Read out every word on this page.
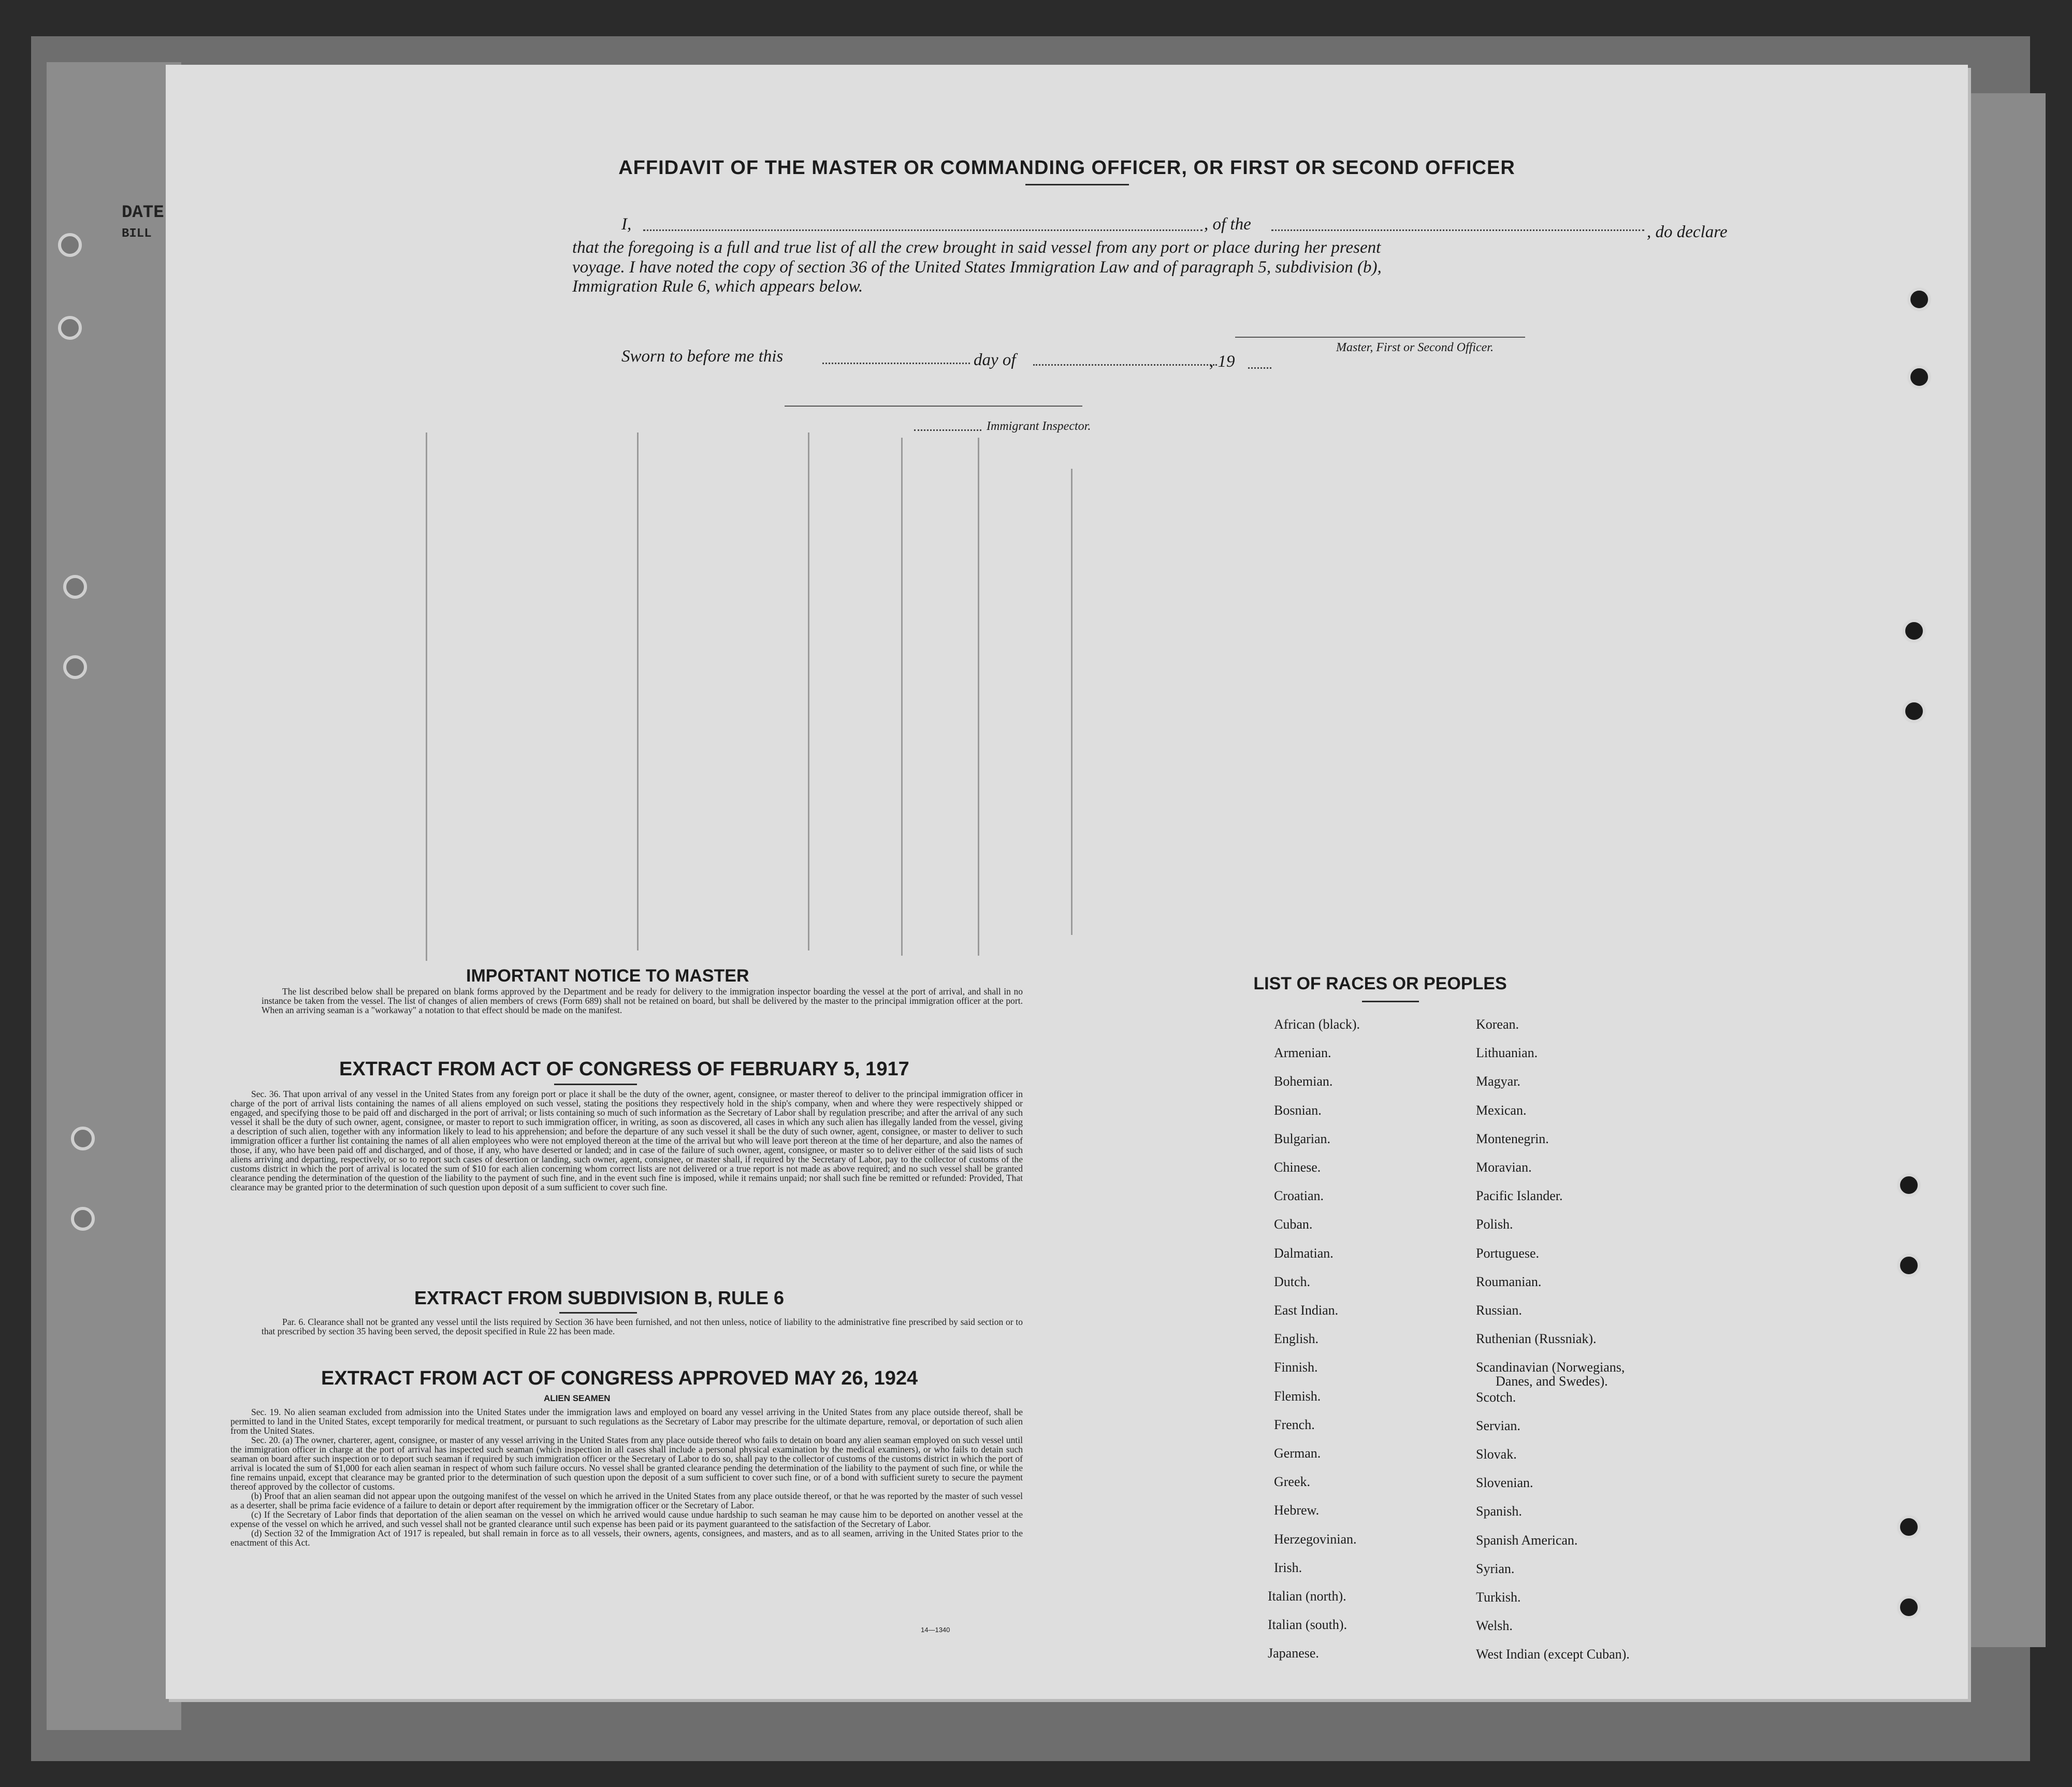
DATE
BILL
AFFIDAVIT OF THE MASTER OR COMMANDING OFFICER, OR FIRST OR SECOND OFFICER
I,	, of the	, do declare
that the foregoing is a full and true list of all the crew brought in said vessel from any port or place during her present
voyage. I have noted the copy of section 36 of the United States Immigration Law and of paragraph 5, subdivision (b),
Immigration Rule 6, which appears below.
Master, First or Second Officer.
Sworn to before me this	day of	, 19
Immigrant Inspector.
IMPORTANT NOTICE TO MASTER

The list described below shall be prepared on blank forms approved by the Department and be ready for delivery to the immigration inspector boarding the vessel at the port of arrival, and shall in no instance be taken from the vessel. The list of changes of alien members of crews (Form 689) shall not be retained on board, but shall be delivered by the master to the principal immigration officer at the port. When an arriving seaman is a "workaway" a notation to that effect should be made on the manifest.

EXTRACT FROM ACT OF CONGRESS OF FEBRUARY 5, 1917

Sec. 36. That upon arrival of any vessel in the United States from any foreign port or place it shall be the duty of the owner, agent, consignee, or master thereof to deliver to the principal immigration officer in charge of the port of arrival lists containing the names of all aliens employed on such vessel, stating the positions they respectively hold in the ship's company, when and where they were respectively shipped or engaged, and specifying those to be paid off and discharged in the port of arrival; or lists containing so much of such information as the Secretary of Labor shall by regulation prescribe; and after the arrival of any such vessel it shall be the duty of such owner, agent, consignee, or master to report to such immigration officer, in writing, as soon as discovered, all cases in which any such alien has illegally landed from the vessel, giving a description of such alien, together with any information likely to lead to his apprehension; and before the departure of any such vessel it shall be the duty of such owner, agent, consignee, or master to deliver to such immigration officer a further list containing the names of all alien employees who were not employed thereon at the time of the arrival but who will leave port thereon at the time of her departure, and also the names of those, if any, who have been paid off and discharged, and of those, if any, who have deserted or landed; and in case of the failure of such owner, agent, consignee, or master so to deliver either of the said lists of such aliens arriving and departing, respectively, or so to report such cases of desertion or landing, such owner, agent, consignee, or master shall, if required by the Secretary of Labor, pay to the collector of customs of the customs district in which the port of arrival is located the sum of $10 for each alien concerning whom correct lists are not delivered or a true report is not made as above required; and no such vessel shall be granted clearance pending the determination of the question of the liability to the payment of such fine, and in the event such fine is imposed, while it remains unpaid; nor shall such fine be remitted or refunded: Provided, That clearance may be granted prior to the determination of such question upon deposit of a sum sufficient to cover such fine.

EXTRACT FROM SUBDIVISION B, RULE 6

Par. 6. Clearance shall not be granted any vessel until the lists required by Section 36 have been furnished, and not then unless, notice of liability to the administrative fine prescribed by said section or to that prescribed by section 35 having been served, the deposit specified in Rule 22 has been made.

EXTRACT FROM ACT OF CONGRESS APPROVED MAY 26, 1924
ALIEN SEAMEN

Sec. 19. No alien seaman excluded from admission into the United States under the immigration laws and employed on board any vessel arriving in the United States from any place outside thereof, shall be permitted to land in the United States, except temporarily for medical treatment, or pursuant to such regulations as the Secretary of Labor may prescribe for the ultimate departure, removal, or deportation of such alien from the United States.

Sec. 20. (a) The owner, charterer, agent, consignee, or master of any vessel arriving in the United States from any place outside thereof who fails to detain on board any alien seaman employed on such vessel until the immigration officer in charge at the port of arrival has inspected such seaman (which inspection in all cases shall include a personal physical examination by the medical examiners), or who fails to detain such seaman on board after such inspection or to deport such seaman if required by such immigration officer or the Secretary of Labor to do so, shall pay to the collector of customs of the customs district in which the port of arrival is located the sum of $1,000 for each alien seaman in respect of whom such failure occurs. No vessel shall be granted clearance pending the determination of the liability to the payment of such fine, or while the fine remains unpaid, except that clearance may be granted prior to the determination of such question upon the deposit of a sum sufficient to cover such fine, or of a bond with sufficient surety to secure the payment thereof approved by the collector of customs.

(b) Proof that an alien seaman did not appear upon the outgoing manifest of the vessel on which he arrived in the United States from any place outside thereof, or that he was reported by the master of such vessel as a deserter, shall be prima facie evidence of a failure to detain or deport after requirement by the immigration officer or the Secretary of Labor.

(c) If the Secretary of Labor finds that deportation of the alien seaman on the vessel on which he arrived would cause undue hardship to such seaman he may cause him to be deported on another vessel at the expense of the vessel on which he arrived, and such vessel shall not be granted clearance until such expense has been paid or its payment guaranteed to the satisfaction of the Secretary of Labor.

(d) Section 32 of the Immigration Act of 1917 is repealed, but shall remain in force as to all vessels, their owners, agents, consignees, and masters, and as to all seamen, arriving in the United States prior to the enactment of this Act.

14—1340
LIST OF RACES OR PEOPLES
African (black).
Armenian.
Bohemian.
Bosnian.
Bulgarian.
Chinese.
Croatian.
Cuban.
Dalmatian.
Dutch.
East Indian.
English.
Finnish.
Flemish.
French.
German.
Greek.
Hebrew.
Herzegovinian.
Irish.
Italian (north).
Italian (south).
Japanese.
Korean.
Lithuanian.
Magyar.
Mexican.
Montenegrin.
Moravian.
Pacific Islander.
Polish.
Portuguese.
Roumanian.
Russian.
Ruthenian (Russniak).
Scandinavian (Norwegians,
Danes, and Swedes).
Scotch.
Servian.
Slovak.
Slovenian.
Spanish.
Spanish American.
Syrian.
Turkish.
Welsh.
West Indian (except Cuban).
